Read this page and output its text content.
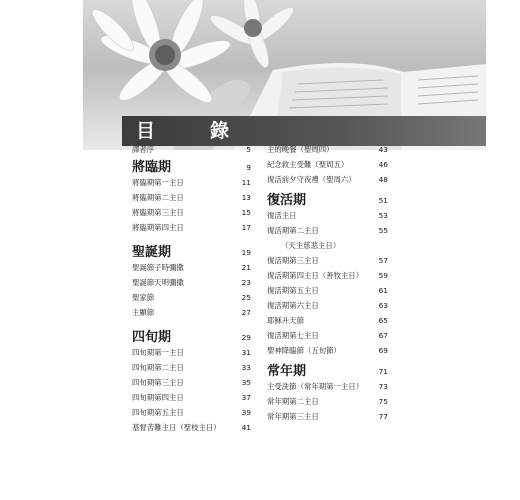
目　錄
譯者序	5
將臨期	9
將臨期第一主日	11
將臨期第二主日	13
將臨期第三主日	15
將臨期第四主日	17
聖誕期	19
聖誕節子時彌撒	21
聖誕節天明彌撒	23
聖家節	25
主顯節	27
四旬期	29
四旬期第一主日	31
四旬期第二主日	33
四旬期第三主日	35
四旬期第四主日	37
四旬期第五主日	39
基督苦難主日（聖枝主日）	41
主的晚餐（聖周四）	43
紀念救主受難（聖周五）	46
復活前夕守夜禮（聖周六）	48
復活期	51
復活主日	53
復活期第二主日	55
（天主慈悲主日）
復活期第三主日	57
復活期第四主日（善牧主日） 59
復活期第五主日	61
復活期第六主日	63
耶穌升天節	65
復活期第七主日	67
聖神降臨節（五旬節）	69
常年期	71
主受洗節（常年期第一主日） 73
常年期第二主日	75
常年期第三主日	77
